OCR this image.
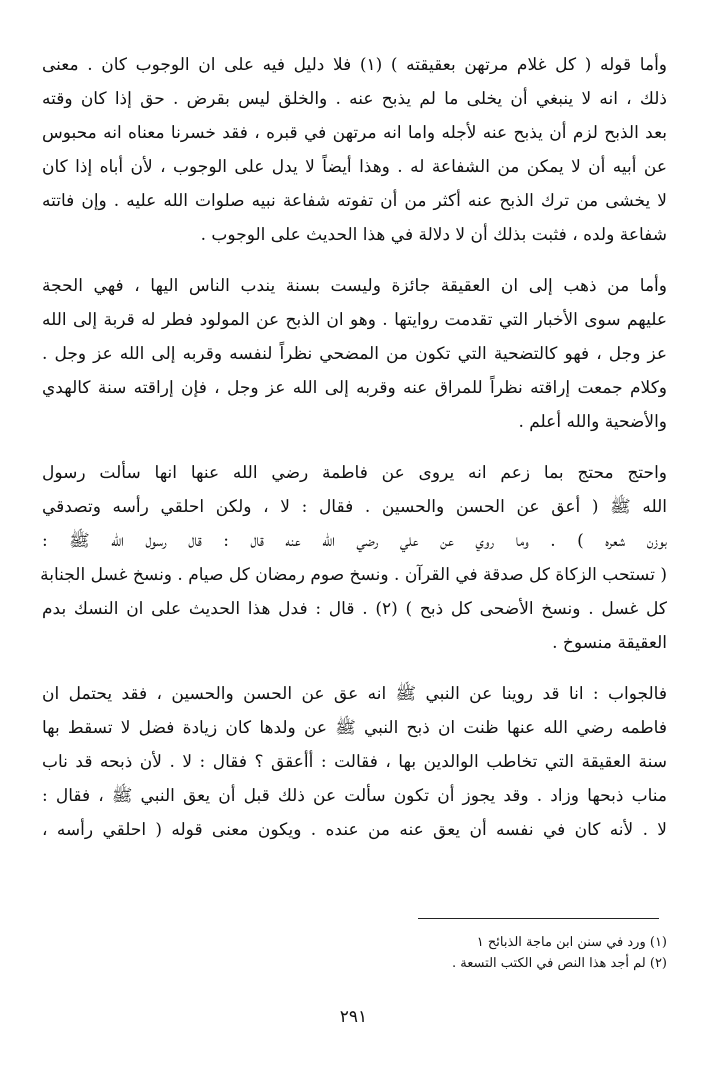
وأما قوله ( كل غلام مرتهن بعقيقته ) (١) فلا دليل فيه على ان الوجوب كان . معنى
ذلك ، انه لا ينبغي أن يخلى ما لم يذبح عنه . والخلق ليس بقرض . حق إذا كان وقته
بعد الذبح لزم أن يذبح عنه لأجله واما انه مرتهن في قبره ، فقد خسرنا معناه انه محبوس
عن أبيه أن لا يمكن من الشفاعة له . وهذا أيضاً لا يدل على الوجوب ، لأن أباه إذا كان
لا يخشى من ترك الذبح عنه أكثر من أن تفوته شفاعة نبيه صلوات الله عليه . وإن فاتته
شفاعة ولده ، فثبت بذلك أن لا دلالة في هذا الحديث على الوجوب .
وأما من ذهب إلى ان العقيقة جائزة وليست بسنة يندب الناس اليها ، فهي الحجة
عليهم سوى الأخبار التي تقدمت روايتها . وهو ان الذبح عن المولود فطر له قربة إلى الله
عز وجل ، فهو كالتضحية التي تكون من المضحي نظراً لنفسه وقربه إلى الله عز وجل .
وكلام جمعت إراقته نظراً للمراق عنه وقربه إلى الله عز وجل ، فإن إراقته سنة كالهدي
والأضحية والله أعلم .
واحتج محتج بما زعم انه يروى عن فاطمة رضي الله عنها انها سألت رسول
الله ﷺ ( أعق عن الحسن والحسين . فقال : لا ، ولكن احلقي رأسه وتصدقي
بوزن شعره ) . وما روي عن علي رضي الله عنه قال : قال رسول الله ﷺ :
( تستحب الزكاة كل صدقة في القرآن . ونسخ صوم رمضان كل صيام . ونسخ غسل الجنابة
كل غسل . ونسخ الأضحى كل ذبح ) (٢) . قال : فدل هذا الحديث على ان النسك بدم
العقيقة منسوخ .
فالجواب : انا قد روينا عن النبي ﷺ انه عق عن الحسن والحسين ، فقد يحتمل ان
فاطمه رضي الله عنها ظنت ان ذبح النبي ﷺ عن ولدها كان زيادة فضل لا تسقط بها
سنة العقيقة التي تخاطب الوالدين بها ، فقالت : أأعقق ؟ فقال : لا . لأن ذبحه قد ناب
مناب ذبحها وزاد . وقد يجوز أن تكون سألت عن ذلك قبل أن يعق النبي ﷺ ، فقال :
لا . لأنه كان في نفسه أن يعق عنه من عنده . ويكون معنى قوله ( احلقي رأسه ،
(١) ورد في سنن ابن ماجة الذبائح ١
(٢) لم أجد هذا النص في الكتب التسعة .
٢٩١
